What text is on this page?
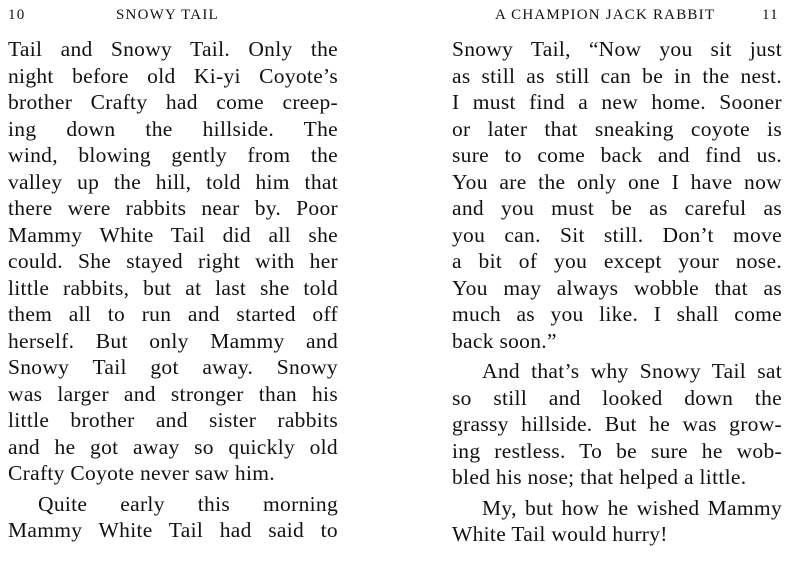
10	SNOWY TAIL
Tail and Snowy Tail. Only the
night before old Ki-yi Coyote’s
brother Crafty had come creep-
ing down the hillside. The
wind, blowing gently from the
valley up the hill, told him that
there were rabbits near by. Poor
Mammy White Tail did all she
could. She stayed right with her
little rabbits, but at last she told
them all to run and started off
herself. But only Mammy and
Snowy Tail got away. Snowy
was larger and stronger than his
little brother and sister rabbits
and he got away so quickly old
Crafty Coyote never saw him.
Quite early this morning
Mammy White Tail had said to
A CHAMPION JACK RABBIT	11
Snowy Tail, “Now you sit just
as still as still can be in the nest.
I must find a new home. Sooner
or later that sneaking coyote is
sure to come back and find us.
You are the only one I have now
and you must be as careful as
you can. Sit still. Don’t move
a bit of you except your nose.
You may always wobble that as
much as you like. I shall come
back soon.”
And that’s why Snowy Tail sat
so still and looked down the
grassy hillside. But he was grow-
ing restless. To be sure he wob-
bled his nose; that helped a little.
My, but how he wished Mammy
White Tail would hurry!
